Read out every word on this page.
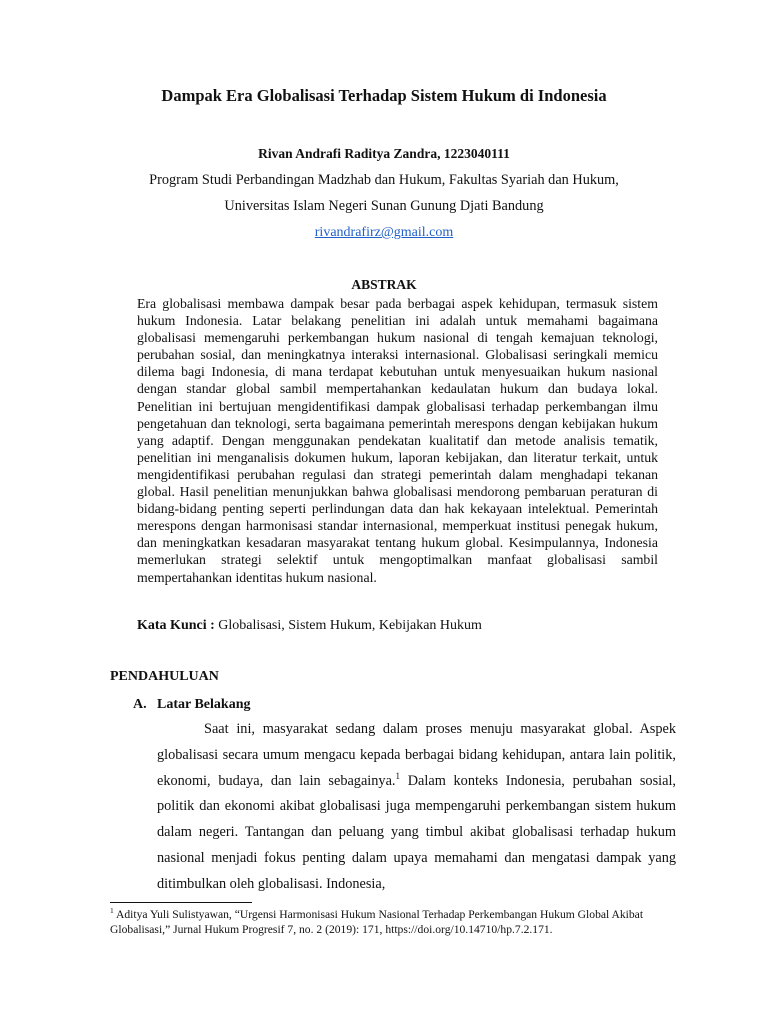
Dampak Era Globalisasi Terhadap Sistem Hukum di Indonesia
Rivan Andrafi Raditya Zandra, 1223040111
Program Studi Perbandingan Madzhab dan Hukum, Fakultas Syariah dan Hukum,
Universitas Islam Negeri Sunan Gunung Djati Bandung
rivandrafirz@gmail.com
ABSTRAK

Era globalisasi membawa dampak besar pada berbagai aspek kehidupan, termasuk sistem hukum Indonesia. Latar belakang penelitian ini adalah untuk memahami bagaimana globalisasi memengaruhi perkembangan hukum nasional di tengah kemajuan teknologi, perubahan sosial, dan meningkatnya interaksi internasional. Globalisasi seringkali memicu dilema bagi Indonesia, di mana terdapat kebutuhan untuk menyesuaikan hukum nasional dengan standar global sambil mempertahankan kedaulatan hukum dan budaya lokal. Penelitian ini bertujuan mengidentifikasi dampak globalisasi terhadap perkembangan ilmu pengetahuan dan teknologi, serta bagaimana pemerintah merespons dengan kebijakan hukum yang adaptif. Dengan menggunakan pendekatan kualitatif dan metode analisis tematik, penelitian ini menganalisis dokumen hukum, laporan kebijakan, dan literatur terkait, untuk mengidentifikasi perubahan regulasi dan strategi pemerintah dalam menghadapi tekanan global. Hasil penelitian menunjukkan bahwa globalisasi mendorong pembaruan peraturan di bidang-bidang penting seperti perlindungan data dan hak kekayaan intelektual. Pemerintah merespons dengan harmonisasi standar internasional, memperkuat institusi penegak hukum, dan meningkatkan kesadaran masyarakat tentang hukum global. Kesimpulannya, Indonesia memerlukan strategi selektif untuk mengoptimalkan manfaat globalisasi sambil mempertahankan identitas hukum nasional.

Kata Kunci : Globalisasi, Sistem Hukum, Kebijakan Hukum
PENDAHULUAN
A. Latar Belakang

Saat ini, masyarakat sedang dalam proses menuju masyarakat global. Aspek globalisasi secara umum mengacu kepada berbagai bidang kehidupan, antara lain politik, ekonomi, budaya, dan lain sebagainya.$^1$ Dalam konteks Indonesia, perubahan sosial, politik dan ekonomi akibat globalisasi juga mempengaruhi perkembangan sistem hukum dalam negeri. Tantangan dan peluang yang timbul akibat globalisasi terhadap hukum nasional menjadi fokus penting dalam upaya memahami dan mengatasi dampak yang ditimbulkan oleh globalisasi. Indonesia,

$^1$ Aditya Yuli Sulistyawan, “Urgensi Harmonisasi Hukum Nasional Terhadap Perkembangan Hukum Global Akibat Globalisasi,” Jurnal Hukum Progresif 7, no. 2 (2019): 171, https://doi.org/10.14710/hp.7.2.171.
